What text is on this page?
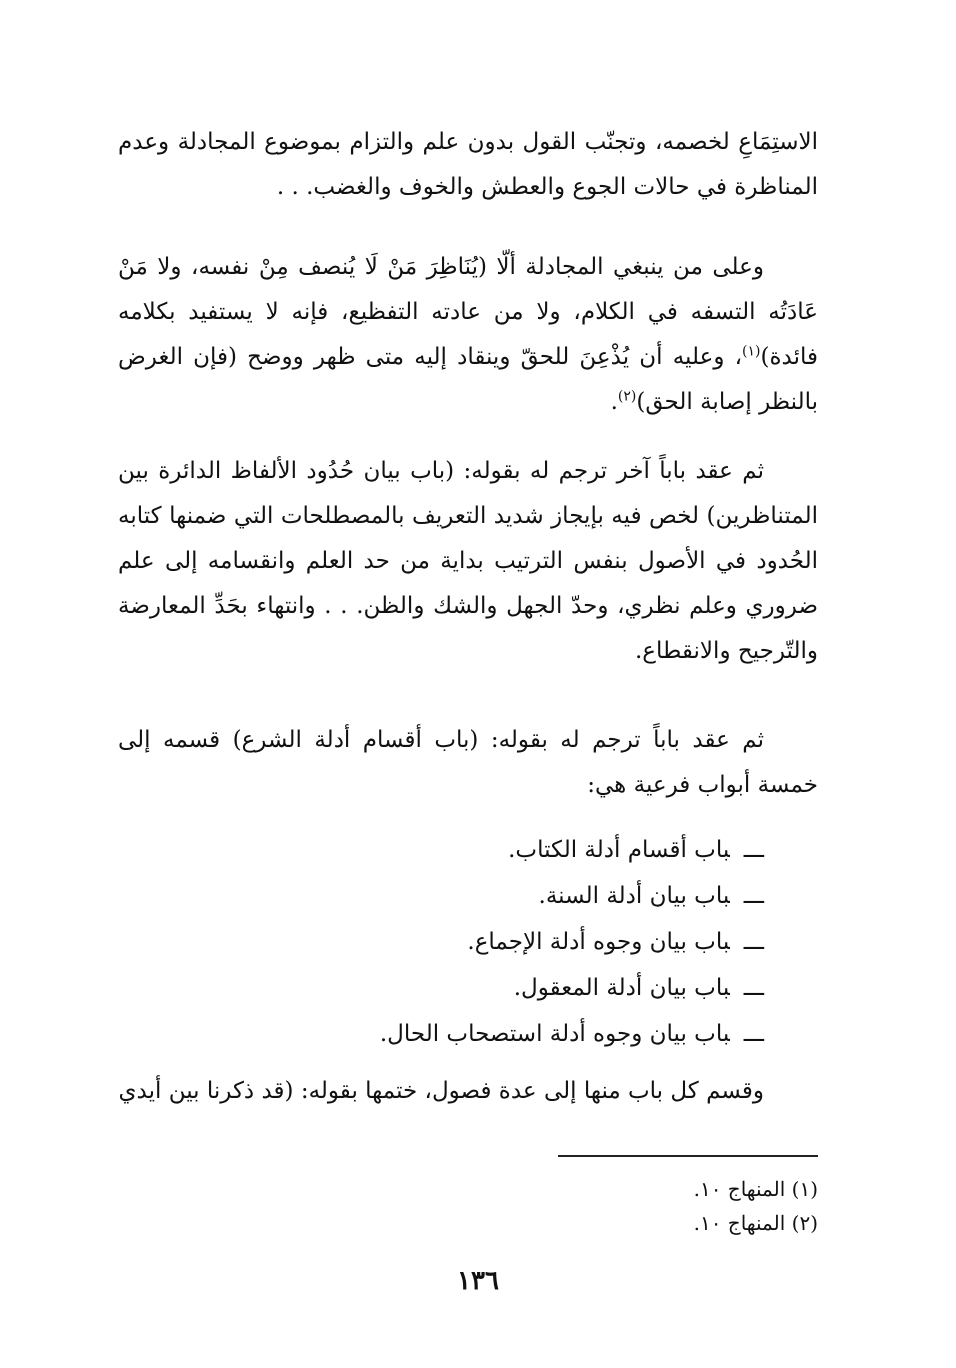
الاستِمَاعِ لخصمه، وتجنّب القول بدون علم والتزام بموضوع المجادلة وعدم المناظرة في حالات الجوع والعطش والخوف والغضب. . .
وعلى من ينبغي المجادلة ألّا (يُنَاظِرَ مَنْ لَا يُنصف مِنْ نفسه، ولا مَنْ عَادَتُه التسفه في الكلام، ولا من عادته التفظيع، فإنه لا يستفيد بكلامه فائدة)$^{(١)}$، وعليه أن يُذْعِنَ للحقّ وينقاد إليه متى ظهر ووضح (فإن الغرض بالنظر إصابة الحق)$^{(٢)}$.
ثم عقد باباً آخر ترجم له بقوله: (باب بيان حُدُود الألفاظ الدائرة بين المتناظرين) لخص فيه بإيجاز شديد التعريف بالمصطلحات التي ضمنها كتابه الحُدود في الأصول بنفس الترتيب بداية من حد العلم وانقسامه إلى علم ضروري وعلم نظري، وحدّ الجهل والشك والظن. . . وانتهاء بحَدِّ المعارضة والتّرجيح والانقطاع.
ثم عقد باباً ترجم له بقوله: (باب أقسام أدلة الشرع) قسمه إلى خمسة أبواب فرعية هي:
ـــباب أقسام أدلة الكتاب.
ـــباب بيان أدلة السنة.
ـــباب بيان وجوه أدلة الإجماع.
ـــباب بيان أدلة المعقول.
ـــباب بيان وجوه أدلة استصحاب الحال.
وقسم كل باب منها إلى عدة فصول، ختمها بقوله: (قد ذكرنا بين أيدي
(١) المنهاج ١٠.
(٢) المنهاج ١٠.
١٣٦
